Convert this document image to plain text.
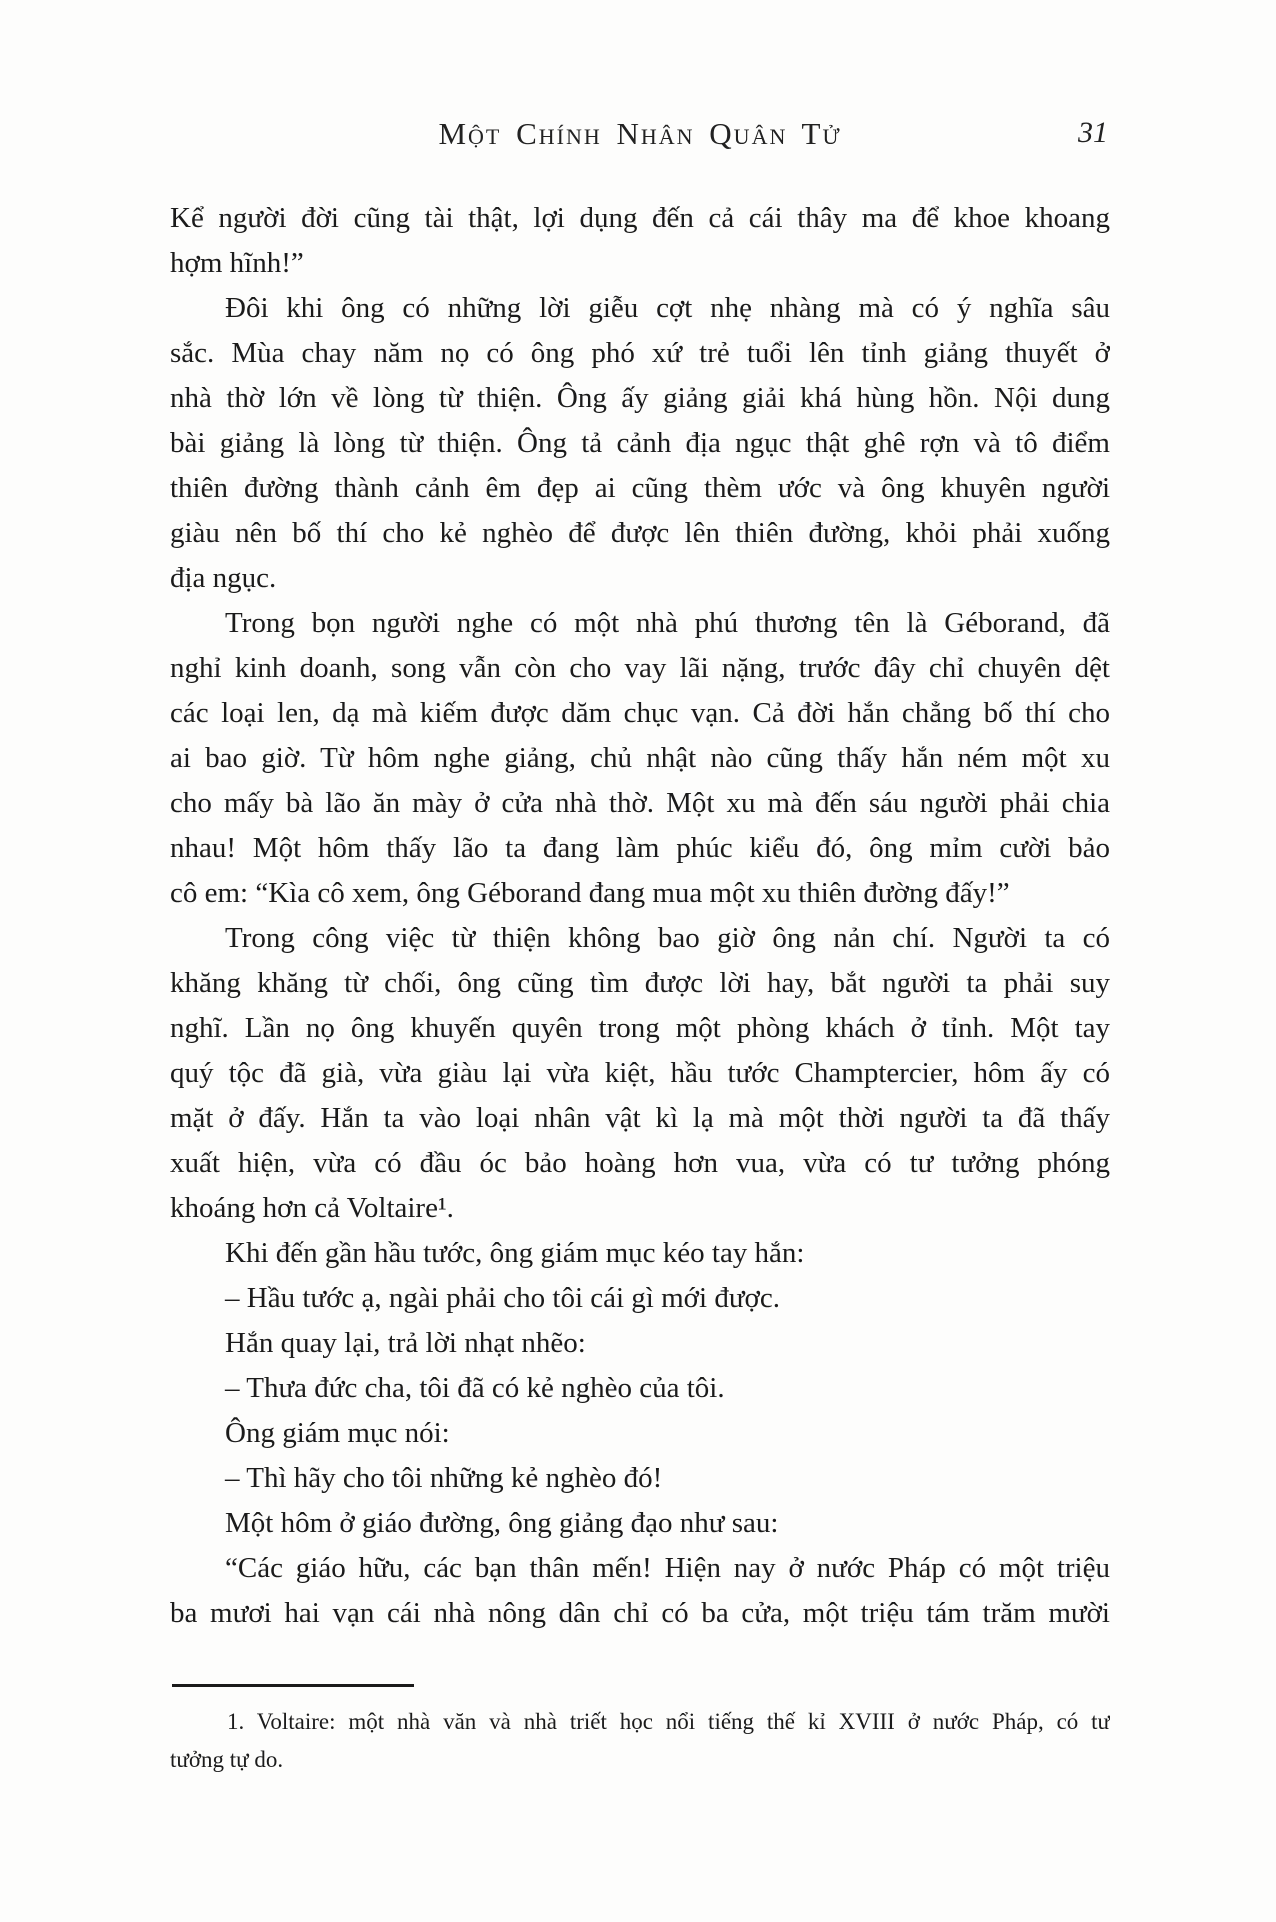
Một Chính Nhân Quân Tử	31

Kể người đời cũng tài thật, lợi dụng đến cả cái thây ma để khoe khoang
hợm hĩnh!”

Đôi khi ông có những lời giễu cợt nhẹ nhàng mà có ý nghĩa sâu
sắc. Mùa chay năm nọ có ông phó xứ trẻ tuổi lên tỉnh giảng thuyết ở
nhà thờ lớn về lòng từ thiện. Ông ấy giảng giải khá hùng hồn. Nội dung
bài giảng là lòng từ thiện. Ông tả cảnh địa ngục thật ghê rợn và tô điểm
thiên đường thành cảnh êm đẹp ai cũng thèm ước và ông khuyên người
giàu nên bố thí cho kẻ nghèo để được lên thiên đường, khỏi phải xuống
địa ngục.

Trong bọn người nghe có một nhà phú thương tên là Géborand, đã
nghỉ kinh doanh, song vẫn còn cho vay lãi nặng, trước đây chỉ chuyên dệt
các loại len, dạ mà kiếm được dăm chục vạn. Cả đời hắn chẳng bố thí cho
ai bao giờ. Từ hôm nghe giảng, chủ nhật nào cũng thấy hắn ném một xu
cho mấy bà lão ăn mày ở cửa nhà thờ. Một xu mà đến sáu người phải chia
nhau! Một hôm thấy lão ta đang làm phúc kiểu đó, ông mỉm cười bảo
cô em: “Kìa cô xem, ông Géborand đang mua một xu thiên đường đấy!”

Trong công việc từ thiện không bao giờ ông nản chí. Người ta có
khăng khăng từ chối, ông cũng tìm được lời hay, bắt người ta phải suy
nghĩ. Lần nọ ông khuyến quyên trong một phòng khách ở tỉnh. Một tay
quý tộc đã già, vừa giàu lại vừa kiệt, hầu tước Champtercier, hôm ấy có
mặt ở đấy. Hắn ta vào loại nhân vật kì lạ mà một thời người ta đã thấy
xuất hiện, vừa có đầu óc bảo hoàng hơn vua, vừa có tư tưởng phóng
khoáng hơn cả Voltaire¹.

Khi đến gần hầu tước, ông giám mục kéo tay hắn:

– Hầu tước ạ, ngài phải cho tôi cái gì mới được.

Hắn quay lại, trả lời nhạt nhẽo:

– Thưa đức cha, tôi đã có kẻ nghèo của tôi.

Ông giám mục nói:

– Thì hãy cho tôi những kẻ nghèo đó!

Một hôm ở giáo đường, ông giảng đạo như sau:

“Các giáo hữu, các bạn thân mến! Hiện nay ở nước Pháp có một triệu
ba mươi hai vạn cái nhà nông dân chỉ có ba cửa, một triệu tám trăm mười

1. Voltaire: một nhà văn và nhà triết học nổi tiếng thế kỉ XVIII ở nước Pháp, có tư
tưởng tự do.
